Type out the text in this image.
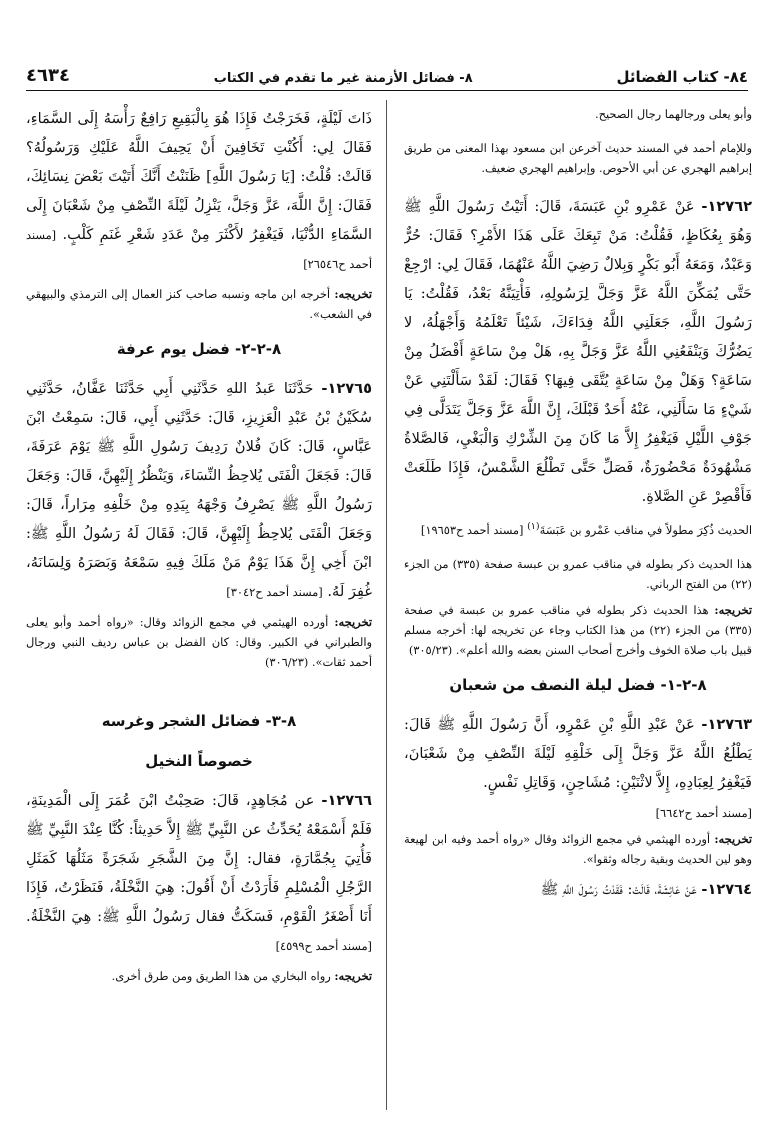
٨٤- كتاب الفضائل
٨- فضائل الأزمنة غير ما تقدم في الكتاب
٤٦٣٤

وأبو يعلى ورجالهما رجال الصحيح.

وللإمام أحمد في المسند حديث آخرعن ابن مسعود بهذا المعنى من طريق إبراهيم الهجري عن أبي الأحوص. وإبراهيم الهجري ضعيف.

١٢٧٦٢- عَنْ عَمْرِو بْنِ عَبَسَةَ، قَالَ: أَتَيْتُ رَسُولَ اللَّهِ ﷺ وَهُوَ بِعُكَاظٍ، فَقُلْتُ: مَنْ تَبِعَكَ عَلَى هَذَا الأَمْرِ؟ فَقَالَ: حُرٌّ وَعَبْدٌ، وَمَعَهُ أَبُو بَكْرٍ وَبِلالٌ رَضِيَ اللَّهُ عَنْهُمَا، فَقَالَ لِي: ارْجِعْ حَتَّى يُمَكِّنَ اللَّهُ عَزَّ وَجَلَّ لِرَسُولِهِ، فَأْتِيَنَّهُ بَعْدُ، فَقُلْتُ: يَا رَسُولَ اللَّهِ، جَعَلَنِي اللَّهُ فِدَاءَكَ، شَيْئاً تَعْلَمُهُ وَأَجْهَلُهُ، لا يَضُرُّكَ وَيَنْفَعُنِي اللَّهُ عَزَّ وَجَلَّ بِهِ، هَلْ مِنْ سَاعَةٍ أَفْضَلُ مِنْ سَاعَةٍ؟ وَهَلْ مِنْ سَاعَةٍ يُتَّقَى فِيهَا؟ فَقَالَ: لَقَدْ سَأَلْتَنِي عَنْ شَيْءٍ مَا سَأَلَنِي، عَنْهُ أَحَدٌ قَبْلَكَ، إِنَّ اللَّهَ عَزَّ وَجَلَّ يَتَدَلَّى فِي جَوْفِ اللَّيْلِ فَيَغْفِرُ إِلاَّ مَا كَانَ مِنَ الشِّرْكِ وَالْبَغْيِ، فَالصَّلاةُ مَشْهُودَةٌ مَحْضُورَةٌ، فَصَلِّ حَتَّى تَطْلُعَ الشَّمْسُ، فَإِذَا طَلَعَتْ فَأَقْصِرْ عَنِ الصَّلاةِ.

الحديث ذُكِرَ مطولاً في مناقب عَمْرو بن عَبَسَةَ$^{(١)}$ [مسند أحمد ح١٩٦٥٣]

هذا الحديث ذكر بطوله في مناقب عمرو بن عبسة صفحة (٣٣٥) من الجزء (٢٢) من الفتح الرباني.

تخريجه: هذا الحديث ذكر بطوله في مناقب عمرو بن عبسة في صفحة (٣٣٥) من الجزء (٢٢) من هذا الكتاب وجاء عن تخريجه لها: أخرجه مسلم قبيل باب صلاة الخوف وأخرج أصحاب السنن بعضه والله أعلم». (٣٠٥/٢٣)

٨-٢-١- فضل ليلة النصف من شعبان

١٢٧٦٣- عَنْ عَبْدِ اللَّهِ بْنِ عَمْرٍو، أَنَّ رَسُولَ اللَّهِ ﷺ قَالَ: يَطْلُعُ اللَّهُ عَزَّ وَجَلَّ إِلَى خَلْقِهِ لَيْلَةَ النِّصْفِ مِنْ شَعْبَانَ، فَيَغْفِرُ لِعِبَادِهِ، إِلاَّ لاثْنَيْنِ: مُشَاحِنٍ، وَقَاتِلِ نَفْسٍ.

[مسند أحمد ح٦٦٤٢]

تخريجه: أورده الهيثمي في مجمع الزوائد وقال «رواه أحمد وفيه ابن لهيعة وهو لين الحديث وبقية رجاله وثقوا».

١٢٧٦٤- عَنْ عَائِشَةَ، قَالَتْ: فَقَدْتُ رَسُولَ اللَّهِ ﷺ

ذَاتَ لَيْلَةٍ، فَخَرَجْتُ فَإِذَا هُوَ بِالْبَقِيعِ رَافِعٌ رَأْسَهُ إِلَى السَّمَاءِ، فَقَالَ لِي: أَكُنْتِ تَخَافِينَ أَنْ يَحِيفَ اللَّهُ عَلَيْكِ وَرَسُولُهُ؟ قَالَتْ: قُلْتُ: [يَا رَسُولَ اللَّهِ] ظَنَنْتُ أَنَّكَ أَتَيْتَ بَعْضَ نِسَائِكَ، فَقَالَ: إِنَّ اللَّهَ، عَزَّ وَجَلَّ، يَنْزِلُ لَيْلَةَ النِّصْفِ مِنْ شَعْبَانَ إِلَى السَّمَاءِ الدُّنْيَا، فَيَغْفِرُ لأَكْثَرَ مِنْ عَدَدِ شَعْرِ غَنَمِ كَلْبٍ. [مسند أحمد ح٢٦٥٤٦]

تخريجه: أخرجه ابن ماجه ونسبه صاحب كنز العمال إلى الترمذي والبيهقي في الشعب».

٨-٢-٢- فضل يوم عرفة

١٢٧٦٥- حَدَّثَنَا عَبدُ اللهِ حَدَّثَنِي أَبِي حَدَّثَنَا عَفَّانُ، حَدَّثَنِي سُكَيْنُ بْنُ عَبْدِ الْعَزِيزِ، قَالَ: حَدَّثَنِي أَبِي، قَالَ: سَمِعْتُ ابْنَ عَبَّاسٍ، قَالَ: كَانَ فُلانٌ رَدِيفَ رَسُولِ اللَّهِ ﷺ يَوْمَ عَرَفَةَ، قَالَ: فَجَعَلَ الْفَتَى يُلاحِظُ النِّسَاءَ، وَيَنْظُرُ إِلَيْهِنَّ، قَالَ: وَجَعَلَ رَسُولُ اللَّهِ ﷺ يَصْرِفُ وَجْهَهُ بِيَدِهِ مِنْ خَلْفِهِ مِرَاراً، قَالَ: وَجَعَلَ الْفَتَى يُلاحِظُ إِلَيْهِنَّ، قَالَ: فَقَالَ لَهُ رَسُولُ اللَّهِ ﷺ: ابْنَ أَخِي إِنَّ هَذَا يَوْمٌ مَنْ مَلَكَ فِيهِ سَمْعَهُ وَبَصَرَهُ وَلِسَانَهُ، غُفِرَ لَهُ. [مسند أحمد ح٣٠٤٢]

تخريجه: أورده الهيثمي في مجمع الزوائد وقال: «رواه أحمد وأبو يعلى والطبراني في الكبير. وقال: كان الفضل بن عباس رديف النبي ورجال أحمد ثقات». (٣٠٦/٢٣)

٨-٣- فضائل الشجر وغرسه
خصوصاً النخيل

١٢٧٦٦- عن مُجَاهِدٍ، قَالَ: صَحِبْتُ ابْنَ عُمَرَ إِلَى الْمَدِينَةِ، فَلَمْ أَسْمَعْهُ يُحَدِّثُ عن النَّبِيِّ ﷺ إِلاَّ حَدِيثاً: كُنَّا عِنْدَ النَّبِيِّ ﷺ فَأُتِيَ بِجُمَّارَةٍ، فقال: إِنَّ مِنَ الشَّجَرِ شَجَرَةً مَثَلُهَا كَمَثَلِ الرَّجُلِ الْمُسْلِمِ فَأَرَدْتُ أَنْ أَقُولَ: هِيَ النَّخْلَةُ، فَنَظَرْتُ، فَإِذَا أَنَا أَصْغَرُ الْقَوْمِ، فَسَكَتُّ فقال رَسُولُ اللَّهِ ﷺ: هِيَ النَّخْلَةُ. [مسند أحمد ح٤٥٩٩]

تخريجه: رواه البخاري من هذا الطريق ومن طرق أخرى.
